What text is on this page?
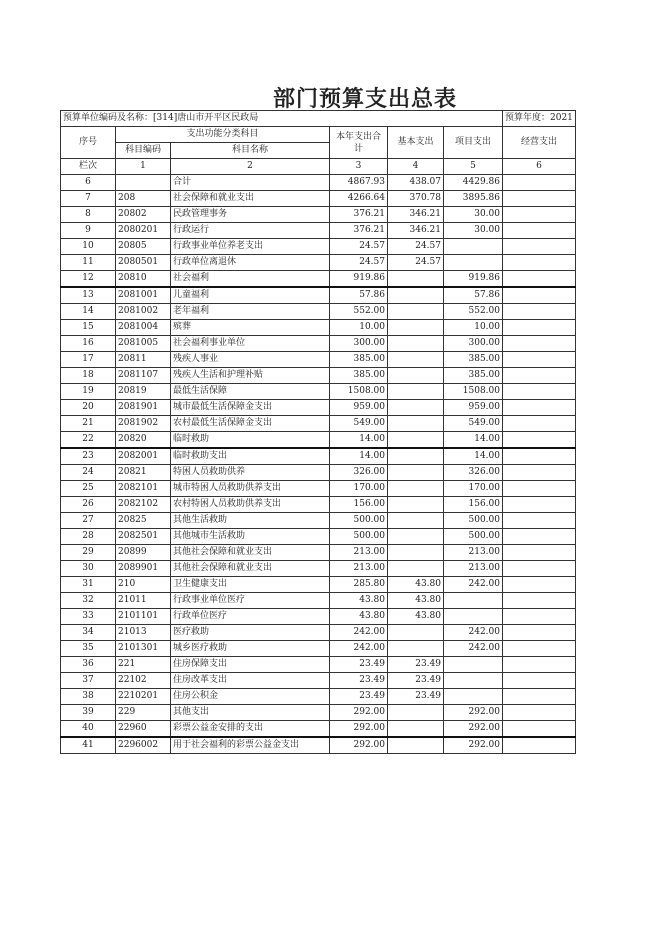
部门预算支出总表
预算单位编码及名称：[314]唐山市开平区民政局						预算年度：2021
序号	支出功能分类科目		本年支出合计	基本支出	项目支出	经营支出
	科目编码	科目名称				
栏次	1	2	3	4	5	6
6		合计	4867.93	438.07	4429.86	
7	208	社会保障和就业支出	4266.64	370.78	3895.86	
8	20802	民政管理事务	376.21	346.21	30.00	
9	2080201	行政运行	376.21	346.21	30.00	
10	20805	行政事业单位养老支出	24.57	24.57		
11	2080501	行政单位离退休	24.57	24.57		
12	20810	社会福利	919.86		919.86	
13	2081001	儿童福利	57.86		57.86	
14	2081002	老年福利	552.00		552.00	
15	2081004	殡葬	10.00		10.00	
16	2081005	社会福利事业单位	300.00		300.00	
17	20811	残疾人事业	385.00		385.00	
18	2081107	残疾人生活和护理补贴	385.00		385.00	
19	20819	最低生活保障	1508.00		1508.00	
20	2081901	城市最低生活保障金支出	959.00		959.00	
21	2081902	农村最低生活保障金支出	549.00		549.00	
22	20820	临时救助	14.00		14.00	
23	2082001	临时救助支出	14.00		14.00	
24	20821	特困人员救助供养	326.00		326.00	
25	2082101	城市特困人员救助供养支出	170.00		170.00	
26	2082102	农村特困人员救助供养支出	156.00		156.00	
27	20825	其他生活救助	500.00		500.00	
28	2082501	其他城市生活救助	500.00		500.00	
29	20899	其他社会保障和就业支出	213.00		213.00	
30	2089901	其他社会保障和就业支出	213.00		213.00	
31	210	卫生健康支出	285.80	43.80	242.00	
32	21011	行政事业单位医疗	43.80	43.80		
33	2101101	行政单位医疗	43.80	43.80		
34	21013	医疗救助	242.00		242.00	
35	2101301	城乡医疗救助	242.00		242.00	
36	221	住房保障支出	23.49	23.49		
37	22102	住房改革支出	23.49	23.49		
38	2210201	住房公积金	23.49	23.49		
39	229	其他支出	292.00		292.00	
40	22960	彩票公益金安排的支出	292.00		292.00	
41	2296002	用于社会福利的彩票公益金支出	292.00		292.00	
